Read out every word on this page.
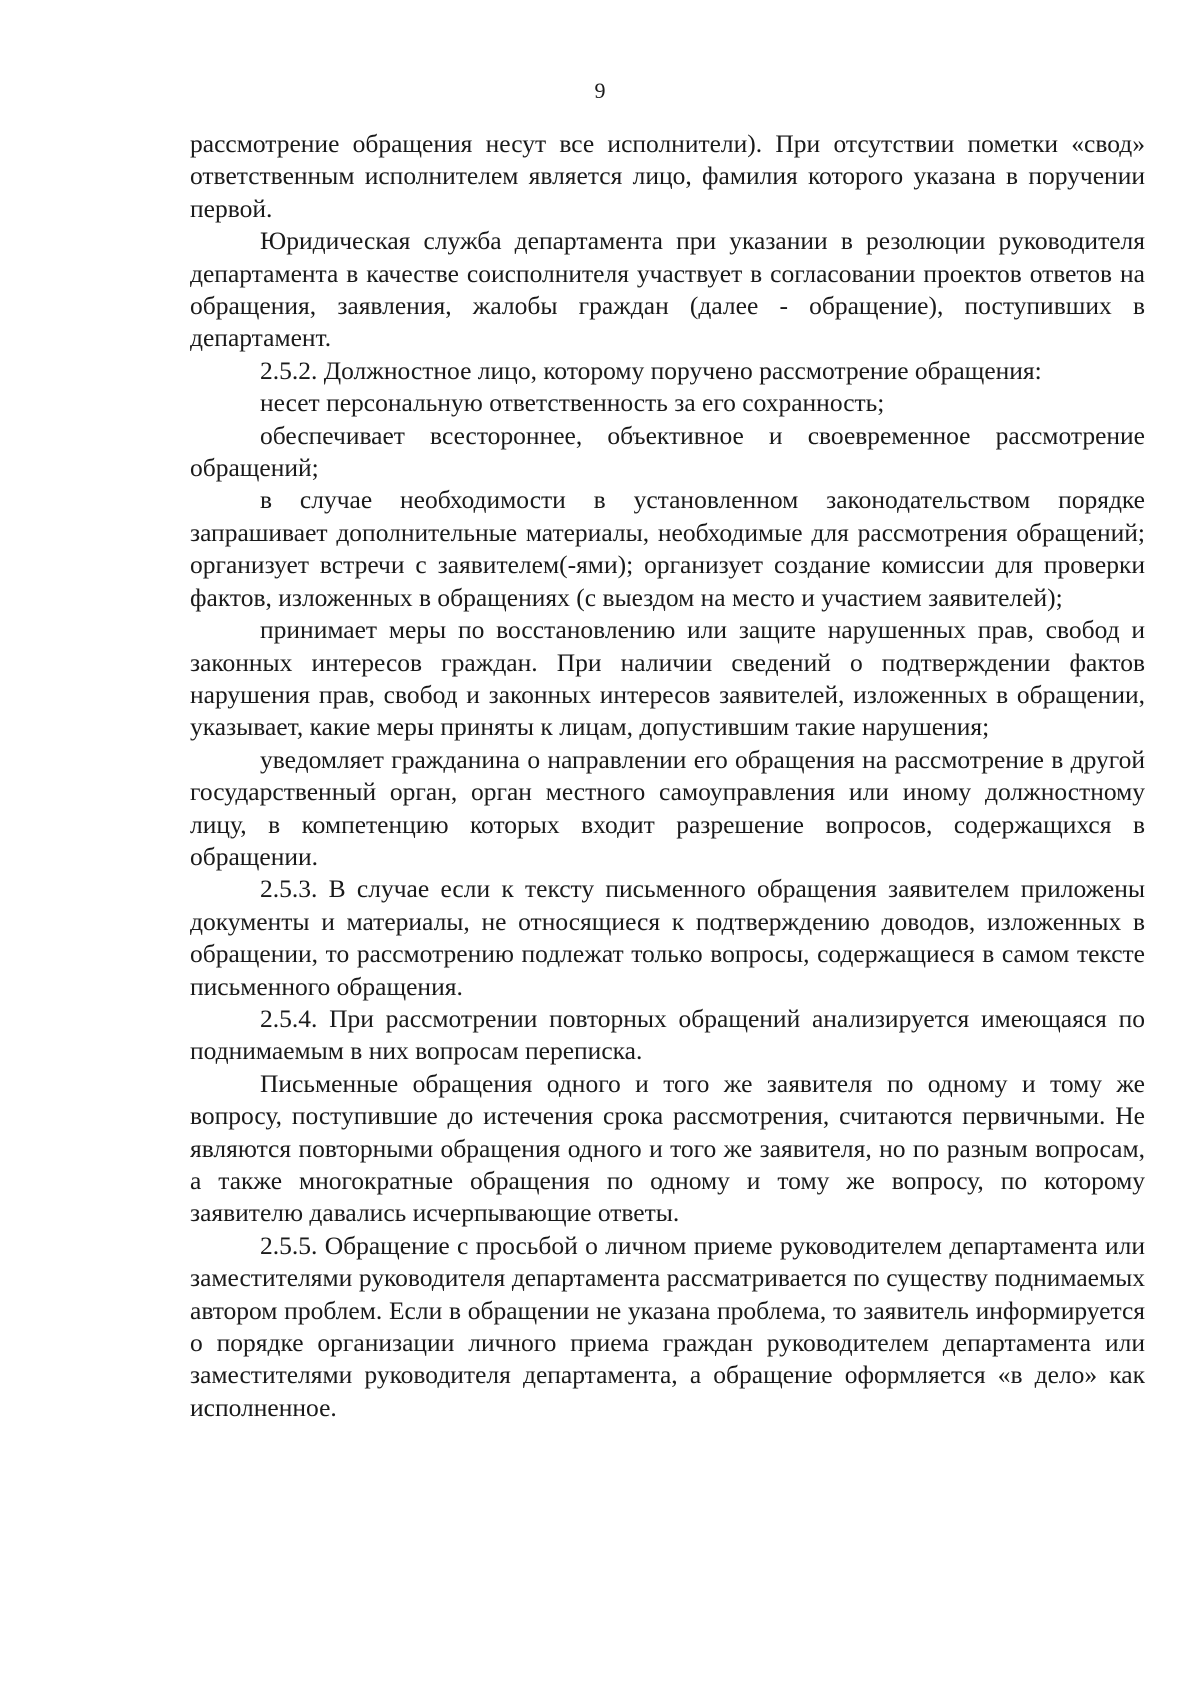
9

рассмотрение обращения несут все исполнители). При отсутствии пометки «свод» ответственным исполнителем является лицо, фамилия которого указана в поручении первой.

Юридическая служба департамента при указании в резолюции руководителя департамента в качестве соисполнителя участвует в согласовании проектов ответов на обращения, заявления, жалобы граждан (далее - обращение), поступивших в департамент.

2.5.2. Должностное лицо, которому поручено рассмотрение обращения:

несет персональную ответственность за его сохранность;

обеспечивает всестороннее, объективное и своевременное рассмотрение обращений;

в случае необходимости в установленном законодательством порядке запрашивает дополнительные материалы, необходимые для рассмотрения обращений; организует встречи с заявителем(-ями); организует создание комиссии для проверки фактов, изложенных в обращениях (с выездом на место и участием заявителей);

принимает меры по восстановлению или защите нарушенных прав, свобод и законных интересов граждан. При наличии сведений о подтверждении фактов нарушения прав, свобод и законных интересов заявителей, изложенных в обращении, указывает, какие меры приняты к лицам, допустившим такие нарушения;

уведомляет гражданина о направлении его обращения на рассмотрение в другой государственный орган, орган местного самоуправления или иному должностному лицу, в компетенцию которых входит разрешение вопросов, содержащихся в обращении.

2.5.3. В случае если к тексту письменного обращения заявителем приложены документы и материалы, не относящиеся к подтверждению доводов, изложенных в обращении, то рассмотрению подлежат только вопросы, содержащиеся в самом тексте письменного обращения.

2.5.4. При рассмотрении повторных обращений анализируется имеющаяся по поднимаемым в них вопросам переписка.

Письменные обращения одного и того же заявителя по одному и тому же вопросу, поступившие до истечения срока рассмотрения, считаются первичными. Не являются повторными обращения одного и того же заявителя, но по разным вопросам, а также многократные обращения по одному и тому же вопросу, по которому заявителю давались исчерпывающие ответы.

2.5.5. Обращение с просьбой о личном приеме руководителем департамента или заместителями руководителя департамента рассматривается по существу поднимаемых автором проблем. Если в обращении не указана проблема, то заявитель информируется о порядке организации личного приема граждан руководителем департамента или заместителями руководителя департамента, а обращение оформляется «в дело» как исполненное.
